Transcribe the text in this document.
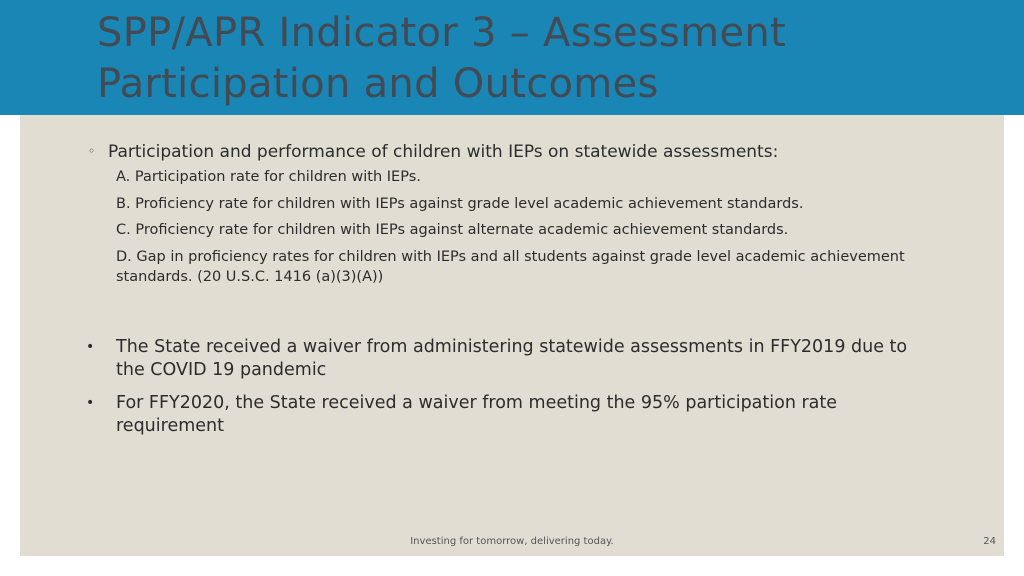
SPP/APR Indicator 3 – Assessment
Participation and Outcomes

◦ Participation and performance of children with IEPs on statewide assessments:

A. Participation rate for children with IEPs.
B. Proficiency rate for children with IEPs against grade level academic achievement standards.
C. Proficiency rate for children with IEPs against alternate academic achievement standards.
D. Gap in proficiency rates for children with IEPs and all students against grade level academic achievement standards. (20 U.S.C. 1416 (a)(3)(A))
• The State received a waiver from administering statewide assessments in FFY2019 due to the COVID 19 pandemic
• For FFY2020, the State received a waiver from meeting the 95% participation rate requirement
Investing for tomorrow, delivering today.	24
